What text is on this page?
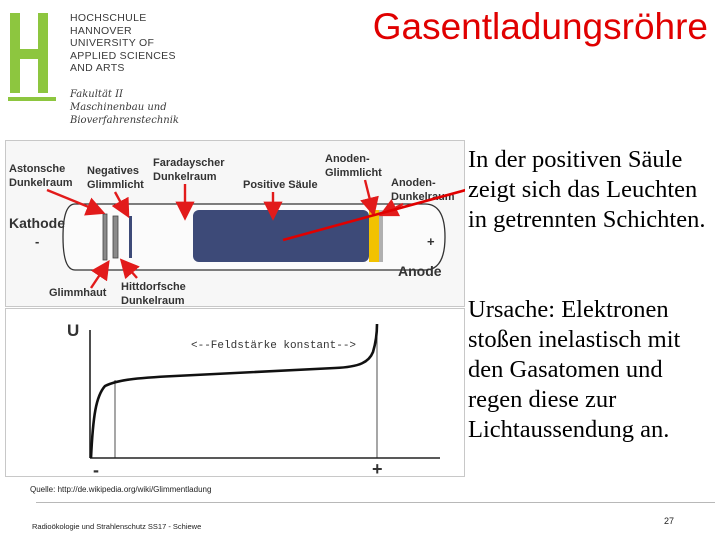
HOCHSCHULE
HANNOVER
UNIVERSITY OF
APPLIED SCIENCES
AND ARTS
Fakultät II
Maschinenbau und
Bioverfahrenstechnik
Gasentladungsröhre
Astonsche
Dunkelraum
Negatives
Glimmlicht
Faradayscher
Dunkelraum
Positive Säule
Anoden-
Glimmlicht
Anoden-
Dunkelraum
Kathode
-	+
Anode
Glimmhaut Hittdorfsche
Dunkelraum
U
-	+
<--Feldstärke konstant-->
In der positiven Säule zeigt sich das Leuchten in getrennten Schichten.
Ursache: Elektronen stoßen inelastisch mit den Gasatomen und regen diese zur Lichtaussendung an.
Quelle: http://de.wikipedia.org/wiki/Glimmentladung
Radioökologie und Strahlenschutz SS17 - Schiewe
27
